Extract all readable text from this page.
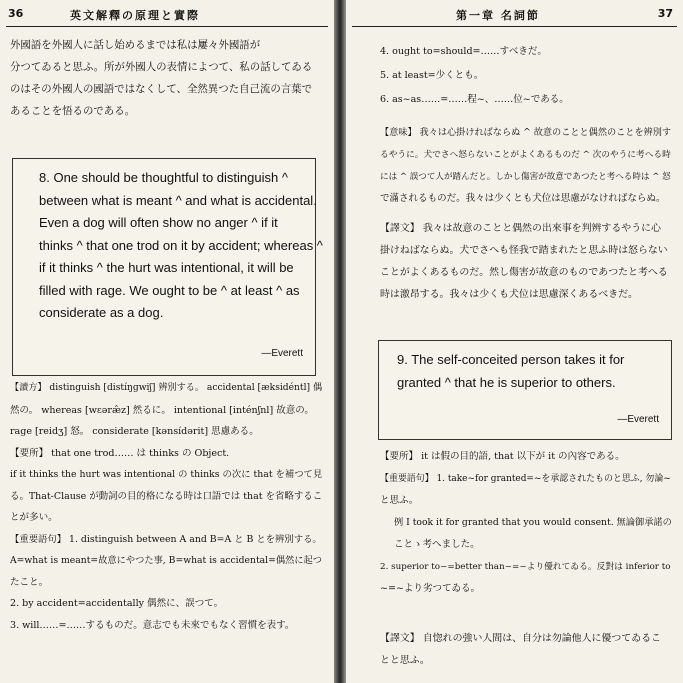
36	英文解釋の原理と實際
外國語を外國人に話し始めるまでは私は屢々外國語が
分つてゐると思ふ。所が外國人の表情によつて、私の話してゐる
のはその外國人の國語ではなくして、全然異つた自己流の言葉で
あることを悟るのである。
8. One should be thoughtful to distinguish ^
between what is meant ^ and what is accidental.
Even a dog will often show no anger ^ if it
thinks ^ that one trod on it by accident; whereas ^
if it thinks ^ the hurt was intentional, it will be
filled with rage. We ought to be ^ at least ^ as
considerate as a dog.
—Everett
【讀方】 distinguish [distíŋgwiʃ] 辨別する。 accidental [æksidéntl] 偶
然の。 whereas [wɛəræ̂z] 然るに。 intentional [inténʃnl] 故意の。
rage [reidʒ] 怒。 considerate [kənsídərit] 思慮ある。
【要所】 that one trod…… は thinks の Object.
if it thinks the hurt was intentional の thinks の次に that を補つて見
る。That-Clause が動詞の目的格になる時は口語では that を省略するこ
とが多い。
【重要語句】 1. distinguish between A and B=A と B とを辨別する。
A=what is meant=故意にやつた事, B=what is accidental=偶然に起つ
たこと。
2. by accident=accidentally 偶然に、誤つて。
3. will……=……するものだ。意志でも未來でもなく習慣を表す。
第一章 名詞節	37
4. ought to=should=……すべきだ。
5. at least=少くとも。
6. as~as……=……程~、……位~である。
【意味】 我々は心掛ければならぬ ^ 故意のことと偶然のことを辨別す
るやうに。犬でさへ怒らないことがよくあるものだ ^ 次のやうに考へる時
には ^ 誤つて人が踏んだと。しかし傷害が故意であつたと考へる時は ^ 怒
で滿されるものだ。我々は少くとも犬位は思慮がなければならぬ。
【譯文】 我々は故意のことと偶然の出來事を判辨するやうに心
掛けねばならぬ。犬でさへも怪我で踏まれたと思ふ時は怒らない
ことがよくあるものだ。然し傷害が故意のものであつたと考へる
時は激昂する。我々は少くも犬位は思慮深くあるべきだ。
9. The self-conceited person takes it for
granted ^ that he is superior to others.
—Everett
【要所】 it は假の目的語, that 以下が it の內容である。
【重要語句】 1. take~for granted=~を承認されたものと思ふ, 勿論~
と思ふ。
例 I took it for granted that you would consent. 無論御承諾の
ことゝ考へました。
2. superior to~=better than~=~より優れてゐる。反對は inferior to
~=~より劣つてゐる。
【譯文】 自惚れの強い人間は、自分は勿論他人に優つてゐるこ
とと思ふ。
